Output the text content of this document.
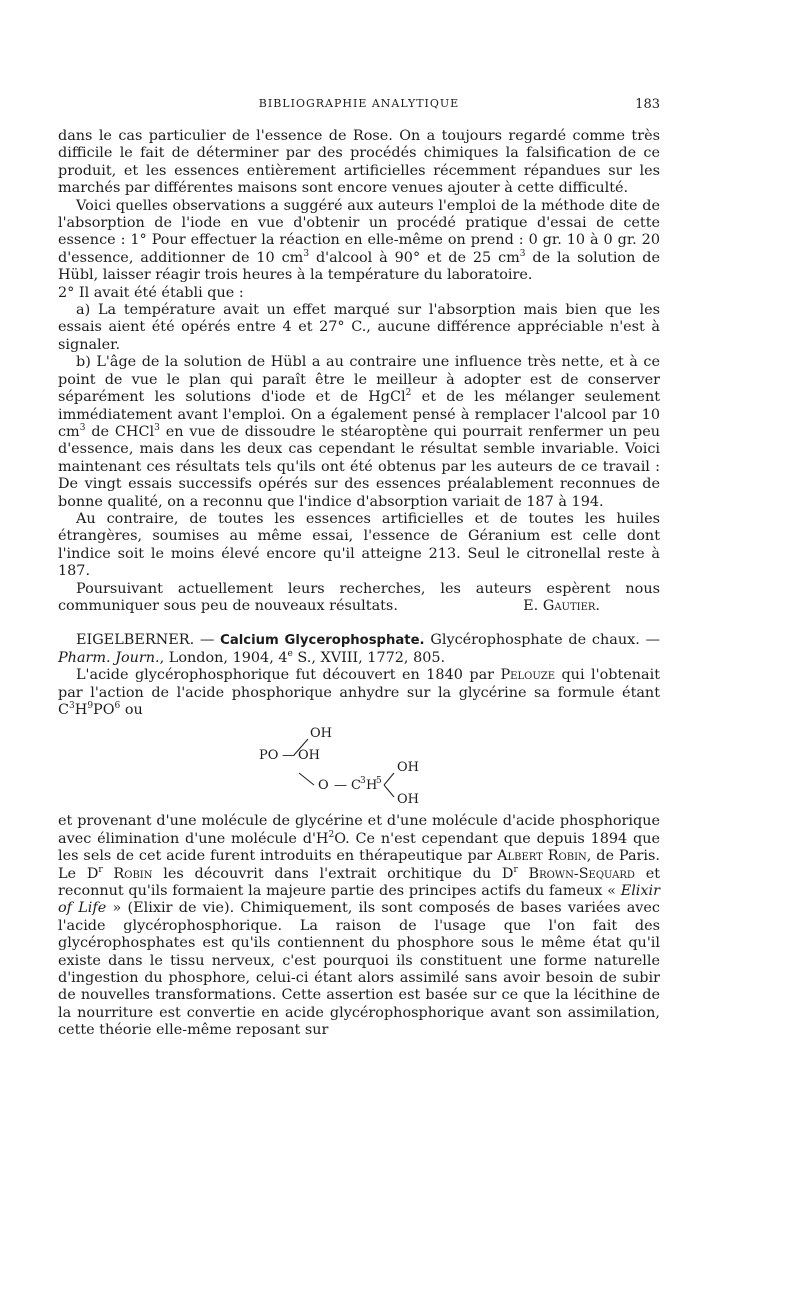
BIBLIOGRAPHIE ANALYTIQUE	183

dans le cas particulier de l'essence de Rose. On a toujours regardé comme très difficile le fait de déterminer par des procédés chimiques la falsification de ce produit, et les essences entièrement artificielles récemment répandues sur les marchés par différentes maisons sont encore venues ajouter à cette difficulté.

Voici quelles observations a suggéré aux auteurs l'emploi de la méthode dite de l'absorption de l'iode en vue d'obtenir un procédé pratique d'essai de cette essence : 1° Pour effectuer la réaction en elle-même on prend : 0 gr. 10 à 0 gr. 20 d'essence, additionner de 10 $cm^3$ d'alcool à 90° et de 25 $cm^3$ de la solution de Hübl, laisser réagir trois heures à la température du laboratoire.

2° Il avait été établi que :

a) La température avait un effet marqué sur l'absorption mais bien que les essais aient été opérés entre 4 et 27° C., aucune différence appréciable n'est à signaler.

b) L'âge de la solution de Hübl a au contraire une influence très nette, et à ce point de vue le plan qui paraît être le meilleur à adopter est de conserver séparément les solutions d'iode et de HgCl$^2$ et de les mélanger seulement immédiatement avant l'emploi. On a également pensé à remplacer l'alcool par 10 $cm^3$ de CHCl$^3$ en vue de dissoudre le stéaroptène qui pourrait renfermer un peu d'essence, mais dans les deux cas cependant le résultat semble invariable. Voici maintenant ces résultats tels qu'ils ont été obtenus par les auteurs de ce travail : De vingt essais successifs opérés sur des essences préalablement reconnues de bonne qualité, on a reconnu que l'indice d'absorption variait de 187 à 194.

Au contraire, de toutes les essences artificielles et de toutes les huiles étrangères, soumises au même essai, l'essence de Géranium est celle dont l'indice soit le moins élevé encore qu'il atteigne 213. Seul le citronellal reste à 187.

Poursuivant actuellement leurs recherches, les auteurs espèrent nous communiquer sous peu de nouveaux résultats.	E. Gautier.

EIGELBERNER. — Calcium Glycerophosphate. Glycérophosphate de chaux. — Pharm. Journ., London, 1904, 4e S., XVIII, 1772, 805.

L'acide glycérophosphorique fut découvert en 1840 par Pelouze qui l'obtenait par l'action de l'acide phosphorique anhydre sur la glycérine sa formule étant $C^3H^9PO^6$ ou

OH
PO — OH
O — C 3 H
5
OH
OH

et provenant d'une molécule de glycérine et d'une molécule d'acide phosphorique avec élimination d'une molécule $d'H^2O$. Ce n'est cependant que depuis 1894 que les sels de cet acide furent introduits en thérapeutique par Albert Robin, de Paris. Le $D^r$ Robin les découvrit dans l'extrait orchitique du $D^r$ Brown-Sequard et reconnut qu'ils formaient la majeure partie des principes actifs du fameux « Elixir of Life » (Elixir de vie). Chimiquement, ils sont composés de bases variées avec l'acide glycérophosphorique. La raison de l'usage que l'on fait des glycérophosphates est qu'ils contiennent du phosphore sous le même état qu'il existe dans le tissu nerveux, c'est pourquoi ils constituent une forme naturelle d'ingestion du phosphore, celui-ci étant alors assimilé sans avoir besoin de subir de nouvelles transformations. Cette assertion est basée sur ce que la lécithine de la nourriture est convertie en acide glycérophosphorique avant son assimilation, cette théorie elle-même reposant sur
